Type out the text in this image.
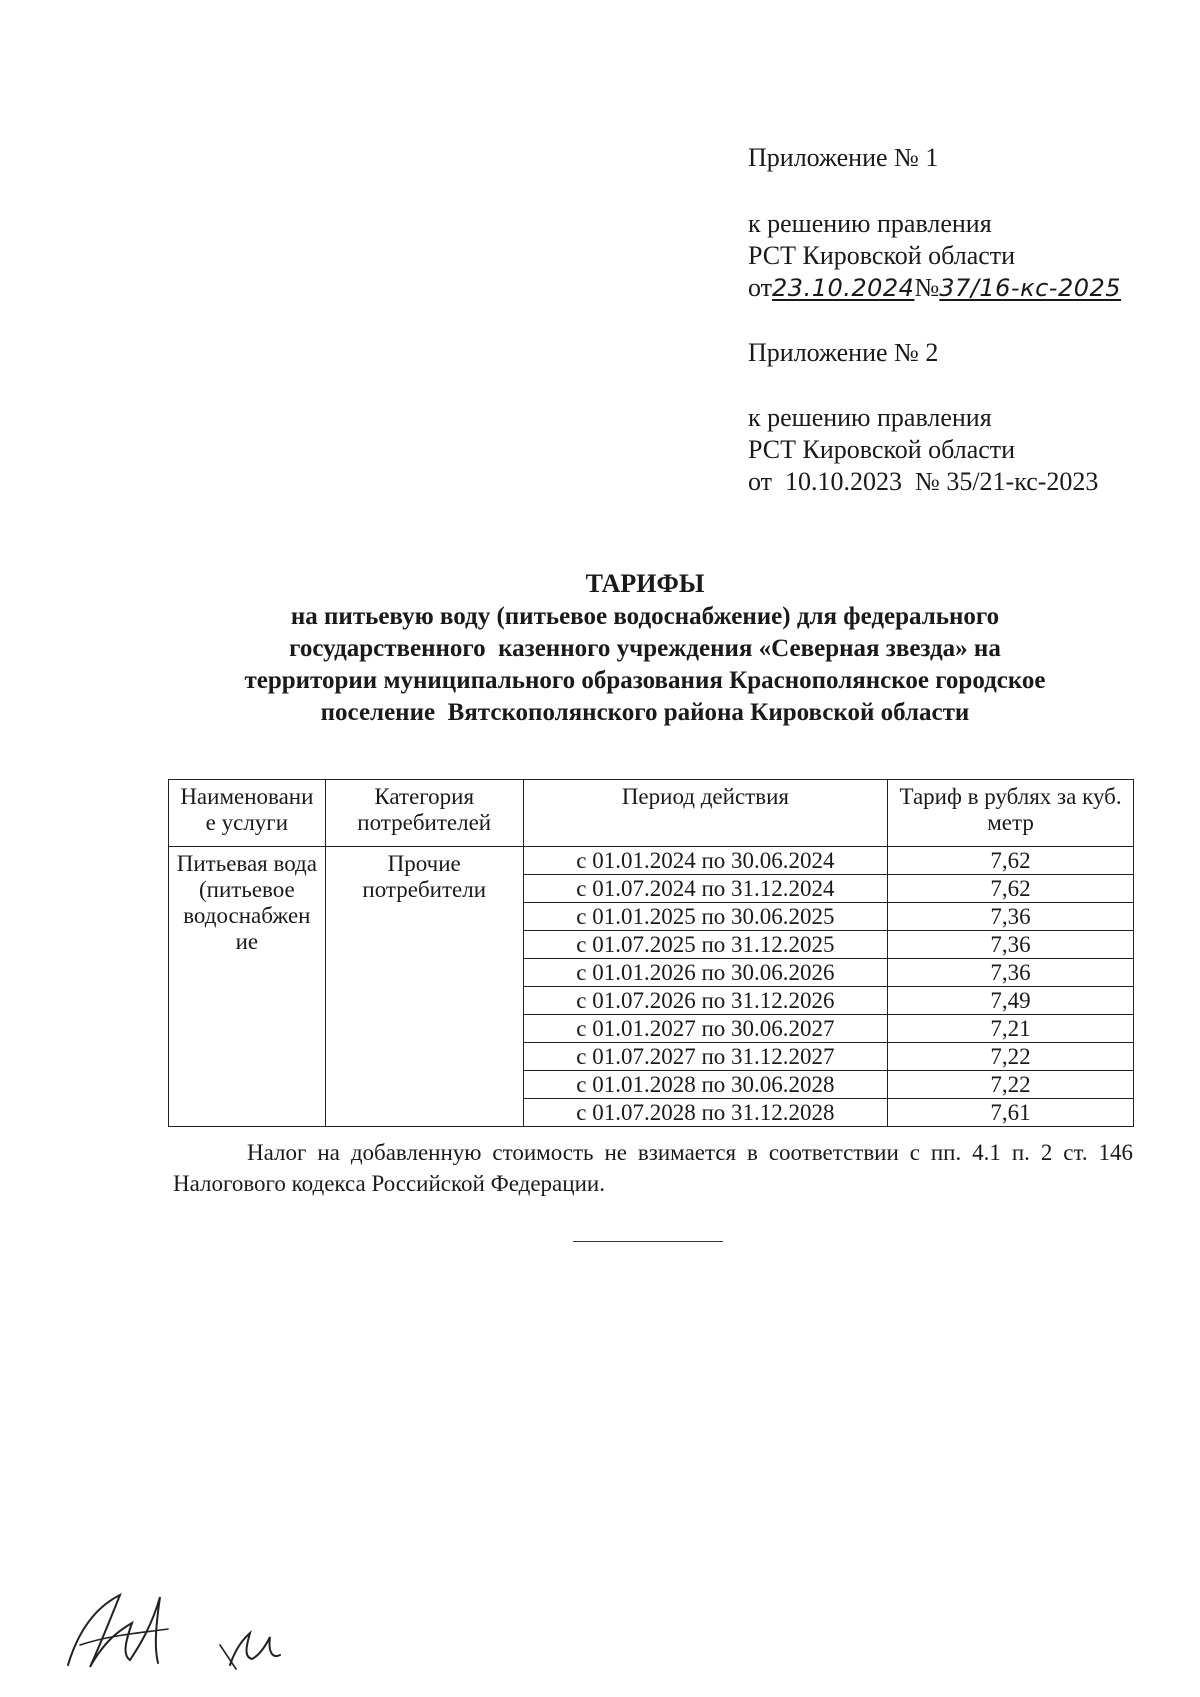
Приложение № 1
к решению правления
РСТ Кировской области
от23.10.2024№37/16-кс-2025
Приложение № 2
к решению правления
РСТ Кировской области
от  10.10.2023  № 35/21-кс-2023
ТАРИФЫ
на питьевую воду (питьевое водоснабжение) для федерального
государственного  казенного учреждения «Северная звезда» на
территории муниципального образования Краснополянское городское
поселение  Вятскополянского района Кировской области
Наименовани е услуги	Категория потребителей	Период действия	Тариф в рублях за куб. метр
Питьевая вода (питьевое водоснабжен ие	Прочие потребители	с 01.01.2024 по 30.06.2024	7,62
		с 01.07.2024 по 31.12.2024	7,62
		с 01.01.2025 по 30.06.2025	7,36
		с 01.07.2025 по 31.12.2025	7,36
		с 01.01.2026 по 30.06.2026	7,36
		с 01.07.2026 по 31.12.2026	7,49
		с 01.01.2027 по 30.06.2027	7,21
		с 01.07.2027 по 31.12.2027	7,22
		с 01.01.2028 по 30.06.2028	7,22
		с 01.07.2028 по 31.12.2028	7,61
Налог на добавленную стоимость не взимается в соответствии с пп. 4.1 п. 2 ст. 146 Налогового кодекса Российской Федерации.
